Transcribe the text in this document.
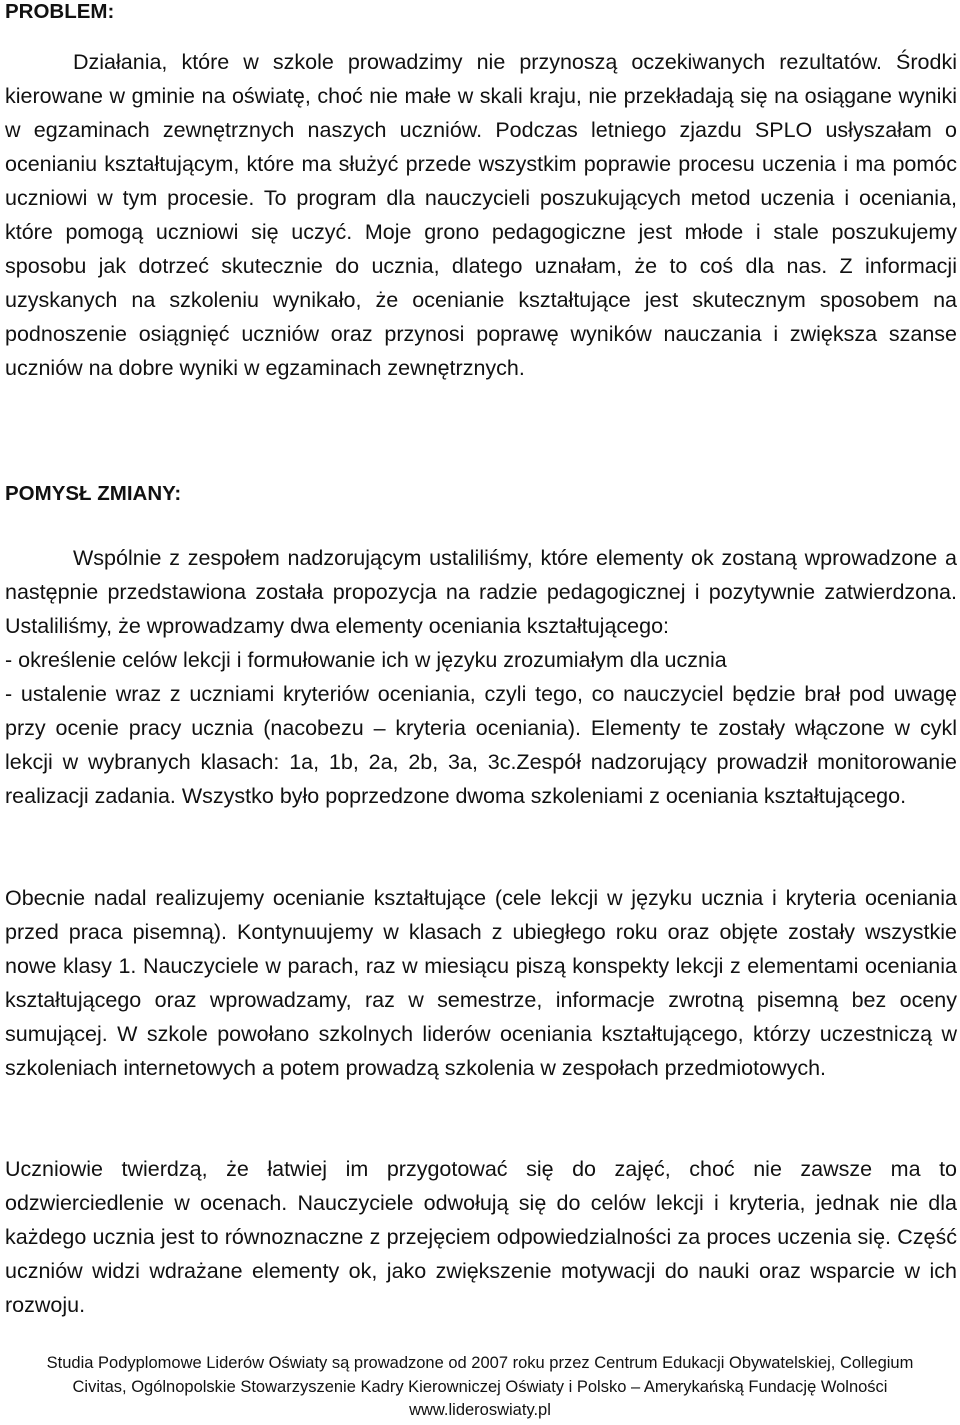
PROBLEM:

Działania, które w szkole prowadzimy nie przynoszą oczekiwanych rezultatów. Środki kierowane w gminie na oświatę, choć nie małe w skali kraju, nie przekładają się na osiągane wyniki w egzaminach zewnętrznych naszych uczniów. Podczas letniego zjazdu SPLO usłyszałam o ocenianiu kształtującym, które ma służyć przede wszystkim poprawie procesu uczenia i ma pomóc uczniowi w tym procesie. To program dla nauczycieli poszukujących metod uczenia i oceniania, które pomogą uczniowi się uczyć. Moje grono pedagogiczne jest młode i stale poszukujemy sposobu jak dotrzeć skutecznie do ucznia, dlatego uznałam, że to coś dla nas. Z informacji uzyskanych na szkoleniu wynikało, że ocenianie kształtujące jest skutecznym sposobem na podnoszenie osiągnięć uczniów oraz przynosi poprawę wyników nauczania i zwiększa szanse uczniów na dobre wyniki w egzaminach zewnętrznych.

POMYSŁ ZMIANY:

Wspólnie z zespołem nadzorującym ustaliliśmy, które elementy ok zostaną wprowadzone a następnie przedstawiona została propozycja na radzie pedagogicznej i pozytywnie zatwierdzona. Ustaliliśmy, że wprowadzamy dwa elementy oceniania kształtującego:

- określenie celów lekcji i formułowanie ich w języku zrozumiałym dla ucznia

- ustalenie wraz z uczniami kryteriów oceniania, czyli tego, co nauczyciel będzie brał pod uwagę przy ocenie pracy ucznia (nacobezu – kryteria oceniania). Elementy te zostały włączone w cykl lekcji w wybranych klasach: 1a, 1b, 2a, 2b, 3a, 3c.Zespół nadzorujący prowadził monitorowanie realizacji zadania. Wszystko było poprzedzone dwoma szkoleniami z oceniania kształtującego.

Obecnie nadal realizujemy ocenianie kształtujące (cele lekcji w języku ucznia i kryteria oceniania przed praca pisemną). Kontynuujemy w klasach z ubiegłego roku oraz objęte zostały wszystkie nowe klasy 1. Nauczyciele w parach, raz w miesiącu piszą konspekty lekcji z elementami oceniania kształtującego oraz wprowadzamy, raz w semestrze, informacje zwrotną pisemną bez oceny sumującej. W szkole powołano szkolnych liderów oceniania kształtującego, którzy uczestniczą w szkoleniach internetowych a potem prowadzą szkolenia w zespołach przedmiotowych.

Uczniowie twierdzą, że łatwiej im przygotować się do zajęć, choć nie zawsze ma to odzwierciedlenie w ocenach. Nauczyciele odwołują się do celów lekcji i kryteria, jednak nie dla każdego ucznia jest to równoznaczne z przejęciem odpowiedzialności za proces uczenia się. Część uczniów widzi wdrażane elementy ok, jako zwiększenie motywacji do nauki oraz wsparcie w ich rozwoju.

Studia Podyplomowe Liderów Oświaty są prowadzone od 2007 roku przez Centrum Edukacji Obywatelskiej, Collegium
Civitas, Ogólnopolskie Stowarzyszenie Kadry Kierowniczej Oświaty i Polsko – Amerykańską Fundację Wolności
www.lideroswiaty.pl
